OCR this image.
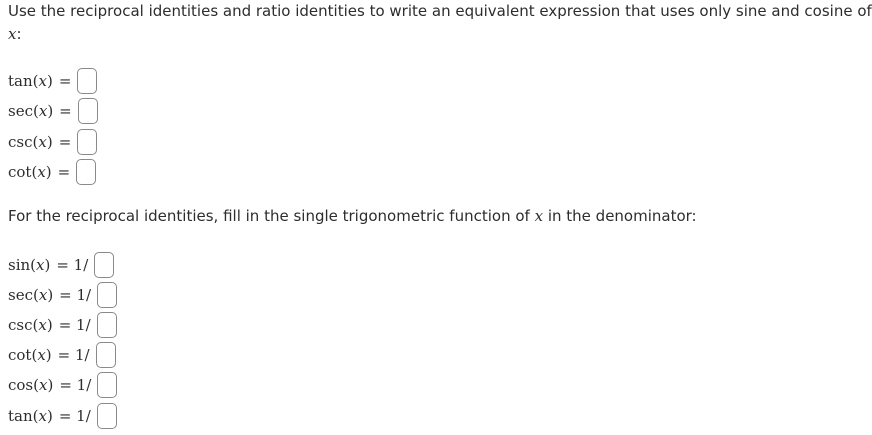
Use the reciprocal identities and ratio identities to write an equivalent expression that uses only sine and cosine of
x:
tan ( x ) =
sec ( x ) =
csc ( x ) =
cot ( x ) =
For the reciprocal identities, fill in the single trigonometric function of x in the denominator:
sin ( x ) = 1/
sec ( x ) = 1/
csc ( x ) = 1/
cot ( x ) = 1/
cos ( x ) = 1/
tan ( x ) = 1/
